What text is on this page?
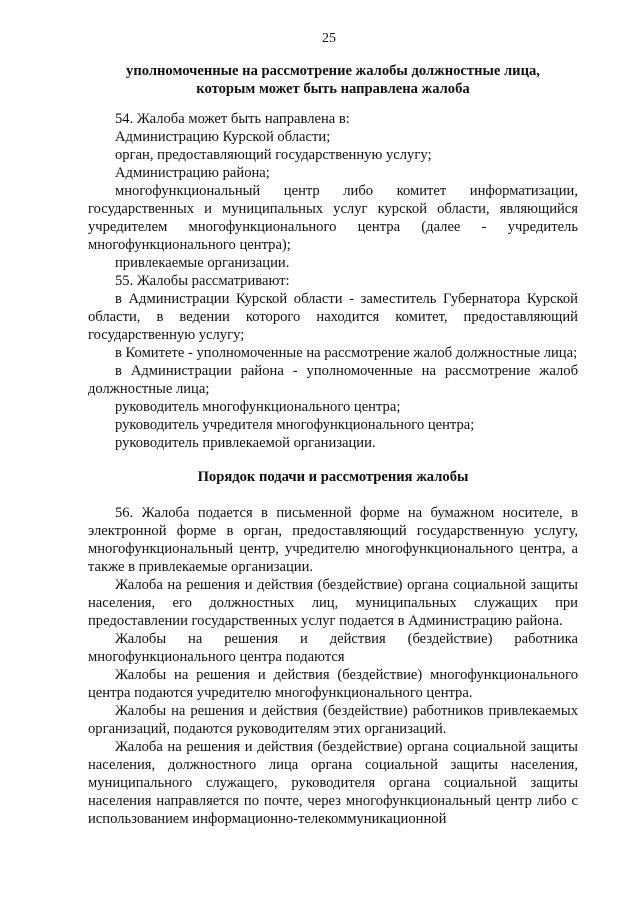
25
уполномоченные на рассмотрение жалобы должностные лица,
которым может быть направлена жалоба

54. Жалоба может быть направлена в:

Администрацию Курской области;

орган, предоставляющий государственную услугу;

Администрацию района;

многофункциональный центр либо комитет информатизации, государственных и муниципальных услуг курской области, являющийся учредителем многофункционального центра (далее - учредитель многофункционального центра);

привлекаемые организации.

55. Жалобы рассматривают:

в Администрации Курской области - заместитель Губернатора Курской области, в ведении которого находится комитет, предоставляющий государственную услугу;

в Комитете - уполномоченные на рассмотрение жалоб должностные лица;

в Администрации района - уполномоченные на рассмотрение жалоб должностные лица;

руководитель многофункционального центра;

руководитель учредителя многофункционального центра;

руководитель привлекаемой организации.

Порядок подачи и рассмотрения жалобы

56. Жалоба подается в письменной форме на бумажном носителе, в электронной форме в орган, предоставляющий государственную услугу, многофункциональный центр, учредителю многофункционального центра, а также в привлекаемые организации.

Жалоба на решения и действия (бездействие) органа социальной защиты населения, его должностных лиц, муниципальных служащих при предоставлении государственных услуг подается в Администрацию района.

Жалобы на решения и действия (бездействие) работника многофункционального центра подаются

Жалобы на решения и действия (бездействие) многофункционального центра подаются учредителю многофункционального центра.

Жалобы на решения и действия (бездействие) работников привлекаемых организаций, подаются руководителям этих организаций.

Жалоба на решения и действия (бездействие) органа социальной защиты населения, должностного лица органа социальной защиты населения, муниципального служащего, руководителя органа социальной защиты населения направляется по почте, через многофункциональный центр либо с использованием информационно-телекоммуникационной
